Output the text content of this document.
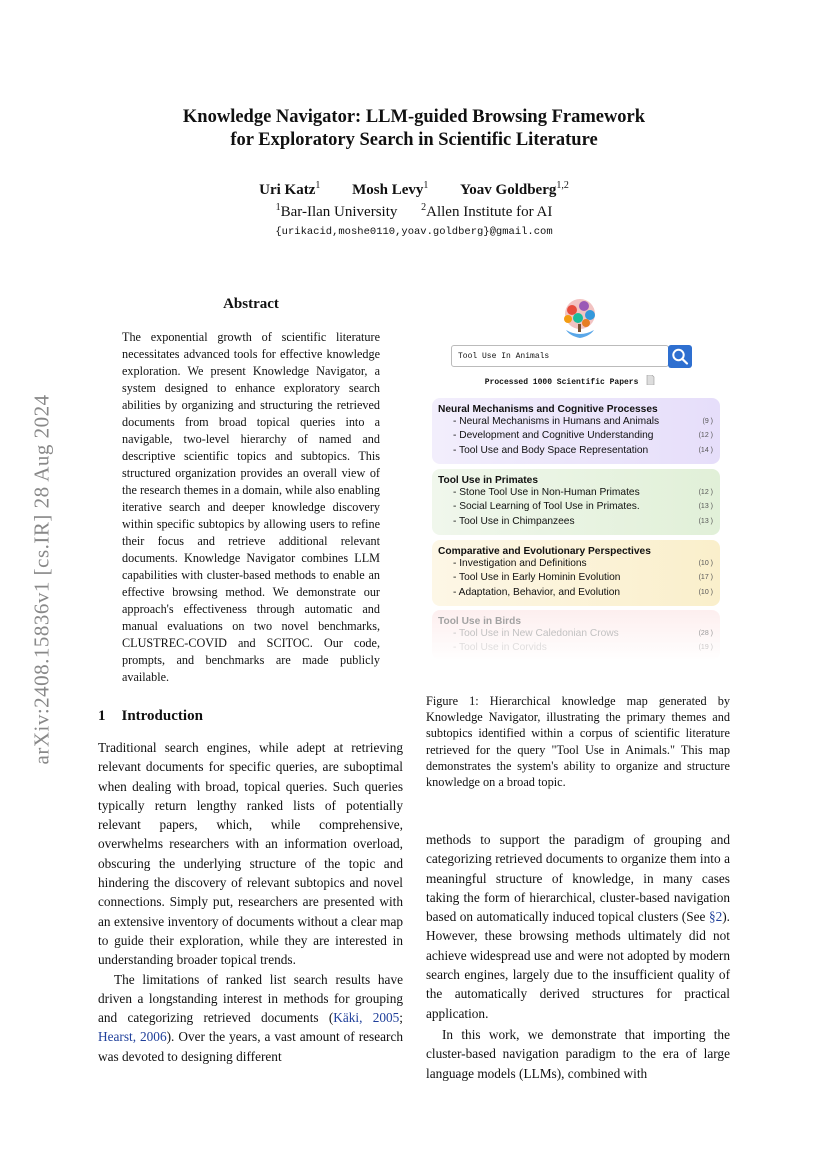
arXiv:2408.15836v1 [cs.IR] 28 Aug 2024
Knowledge Navigator: LLM-guided Browsing Framework
for Exploratory Search in Scientific Literature
Uri Katz$^1$ Mosh Levy$^1$ Yoav Goldberg$^{1,2}$
$^1$Bar-Ilan University $^2$Allen Institute for AI
{urikacid,moshe0110,yoav.goldberg}@gmail.com
Abstract
The exponential growth of scientific literature necessitates advanced tools for effective knowledge exploration. We present Knowledge Navigator, a system designed to enhance exploratory search abilities by organizing and structuring the retrieved documents from broad topical queries into a navigable, two-level hierarchy of named and descriptive scientific topics and subtopics. This structured organization provides an overall view of the research themes in a domain, while also enabling iterative search and deeper knowledge discovery within specific subtopics by allowing users to refine their focus and retrieve additional relevant documents. Knowledge Navigator combines LLM capabilities with cluster-based methods to enable an effective browsing method. We demonstrate our approach's effectiveness through automatic and manual evaluations on two novel benchmarks, CLUSTREC-COVID and SCITOC. Our code, prompts, and benchmarks are made publicly available.
1 Introduction

Traditional search engines, while adept at retrieving relevant documents for specific queries, are suboptimal when dealing with broad, topical queries. Such queries typically return lengthy ranked lists of potentially relevant papers, which, while comprehensive, overwhelms researchers with an information overload, obscuring the underlying structure of the topic and hindering the discovery of relevant subtopics and novel connections. Simply put, researchers are presented with an extensive inventory of documents without a clear map to guide their exploration, while they are interested in understanding broader topical trends.

The limitations of ranked list search results have driven a longstanding interest in methods for grouping and categorizing retrieved documents (Käki, 2005; Hearst, 2006). Over the years, a vast amount of research was devoted to designing different

Tool Use In Animals
Processed 1000 Scientific Papers
Neural Mechanisms and Cognitive Processes
- Neural Mechanisms in Humans and Animals	(9 )
- Development and Cognitive Understanding	(12 )
- Tool Use and Body Space Representation	(14 )
Tool Use in Primates
- Stone Tool Use in Non-Human Primates	(12 )
- Social Learning of Tool Use in Primates.	(13 )
- Tool Use in Chimpanzees	(13 )
Comparative and Evolutionary Perspectives
- Investigation and Definitions	(10 )
- Tool Use in Early Hominin Evolution	(17 )
- Adaptation, Behavior, and Evolution	(10 )
Tool Use in Birds
- Tool Use in New Caledonian Crows	(28 )
- Tool Use in Corvids	(19 )
Figure 1: Hierarchical knowledge map generated by Knowledge Navigator, illustrating the primary themes and subtopics identified within a corpus of scientific literature retrieved for the query "Tool Use in Animals." This map demonstrates the system's ability to organize and structure knowledge on a broad topic.

methods to support the paradigm of grouping and categorizing retrieved documents to organize them into a meaningful structure of knowledge, in many cases taking the form of hierarchical, cluster-based navigation based on automatically induced topical clusters (See §2). However, these browsing methods ultimately did not achieve widespread use and were not adopted by modern search engines, largely due to the insufficient quality of the automatically derived structures for practical application.

In this work, we demonstrate that importing the cluster-based navigation paradigm to the era of large language models (LLMs), combined with
